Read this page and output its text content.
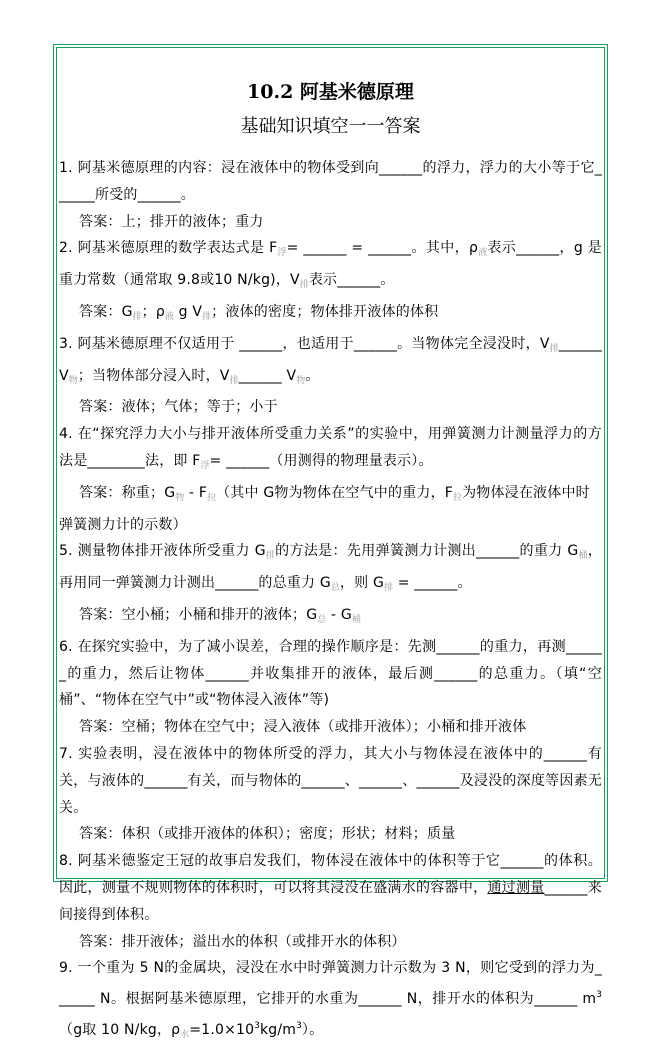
10.2 阿基米德原理
基础知识填空一一答案

1. 阿基米德原理的内容：浸在液体中的物体受到向______的浮力，浮力的大小等于它______所受的______。

答案：上；排开的液体；重力

2. 阿基米德原理的数学表达式是 $F_浮=$ ______ = ______。其中，$\rho_液$表示______，g 是重力常数（通常取 9.8或10 N/kg)，$V_排$表示______。

答案：$G_排$；$\rho_液$ g $V_排$；液体的密度；物体排开液体的体积

3. 阿基米德原理不仅适用于 ______，也适用于______。当物体完全浸没时，$V_排\_\_\_\_\_\_$ $V_物$；当物体部分浸入时，$V_排\_\_\_\_\_\_$ $V_物$。

答案：液体；气体；等于；小于

4. 在“探究浮力大小与排开液体所受重力关系”的实验中，用弹簧测力计测量浮力的方法是________法，即 $F_浮=$ ______（用测得的物理量表示）。

答案：称重；$G_物 - F_拉$（其中 G物为物体在空气中的重力，$F_拉$为物体浸在液体中时弹簧测力计的示数）

5. 测量物体排开液体所受重力 $G_排$的方法是：先用弹簧测力计测出______的重力 $G_桶$，再用同一弹簧测力计测出______的总重力 $G_总$，则 $G_排$ = ______。

答案：空小桶；小桶和排开的液体；$G_总 - G_桶$

6. 在探究实验中，为了减小误差，合理的操作顺序是：先测______的重力，再测______的重力，然后让物体______并收集排开的液体，最后测______的总重力。（填“空桶”、“物体在空气中”或“物体浸入液体”等)

答案：空桶；物体在空气中；浸入液体（或排开液体）；小桶和排开液体

7. 实验表明，浸在液体中的物体所受的浮力，其大小与物体浸在液体中的______有关，与液体的______有关，而与物体的______、______、______及浸没的深度等因素无关。

答案：体积（或排开液体的体积）；密度；形状；材料；质量

8. 阿基米德鉴定王冠的故事启发我们，物体浸在液体中的体积等于它______的体积。因此，测量不规则物体的体积时，可以将其浸没在盛满水的容器中，通过测量______来间接得到体积。

答案：排开液体；溢出水的体积（或排开水的体积）

9. 一个重为 5 N的金属块，浸没在水中时弹簧测力计示数为 3 N，则它受到的浮力为______ N。根据阿基米德原理，它排开的水重为______ N，排开水的体积为______ $m^3(g$取 10 N/kg，$\rho_水=1.0\times 10^3kg/m^3$）。
